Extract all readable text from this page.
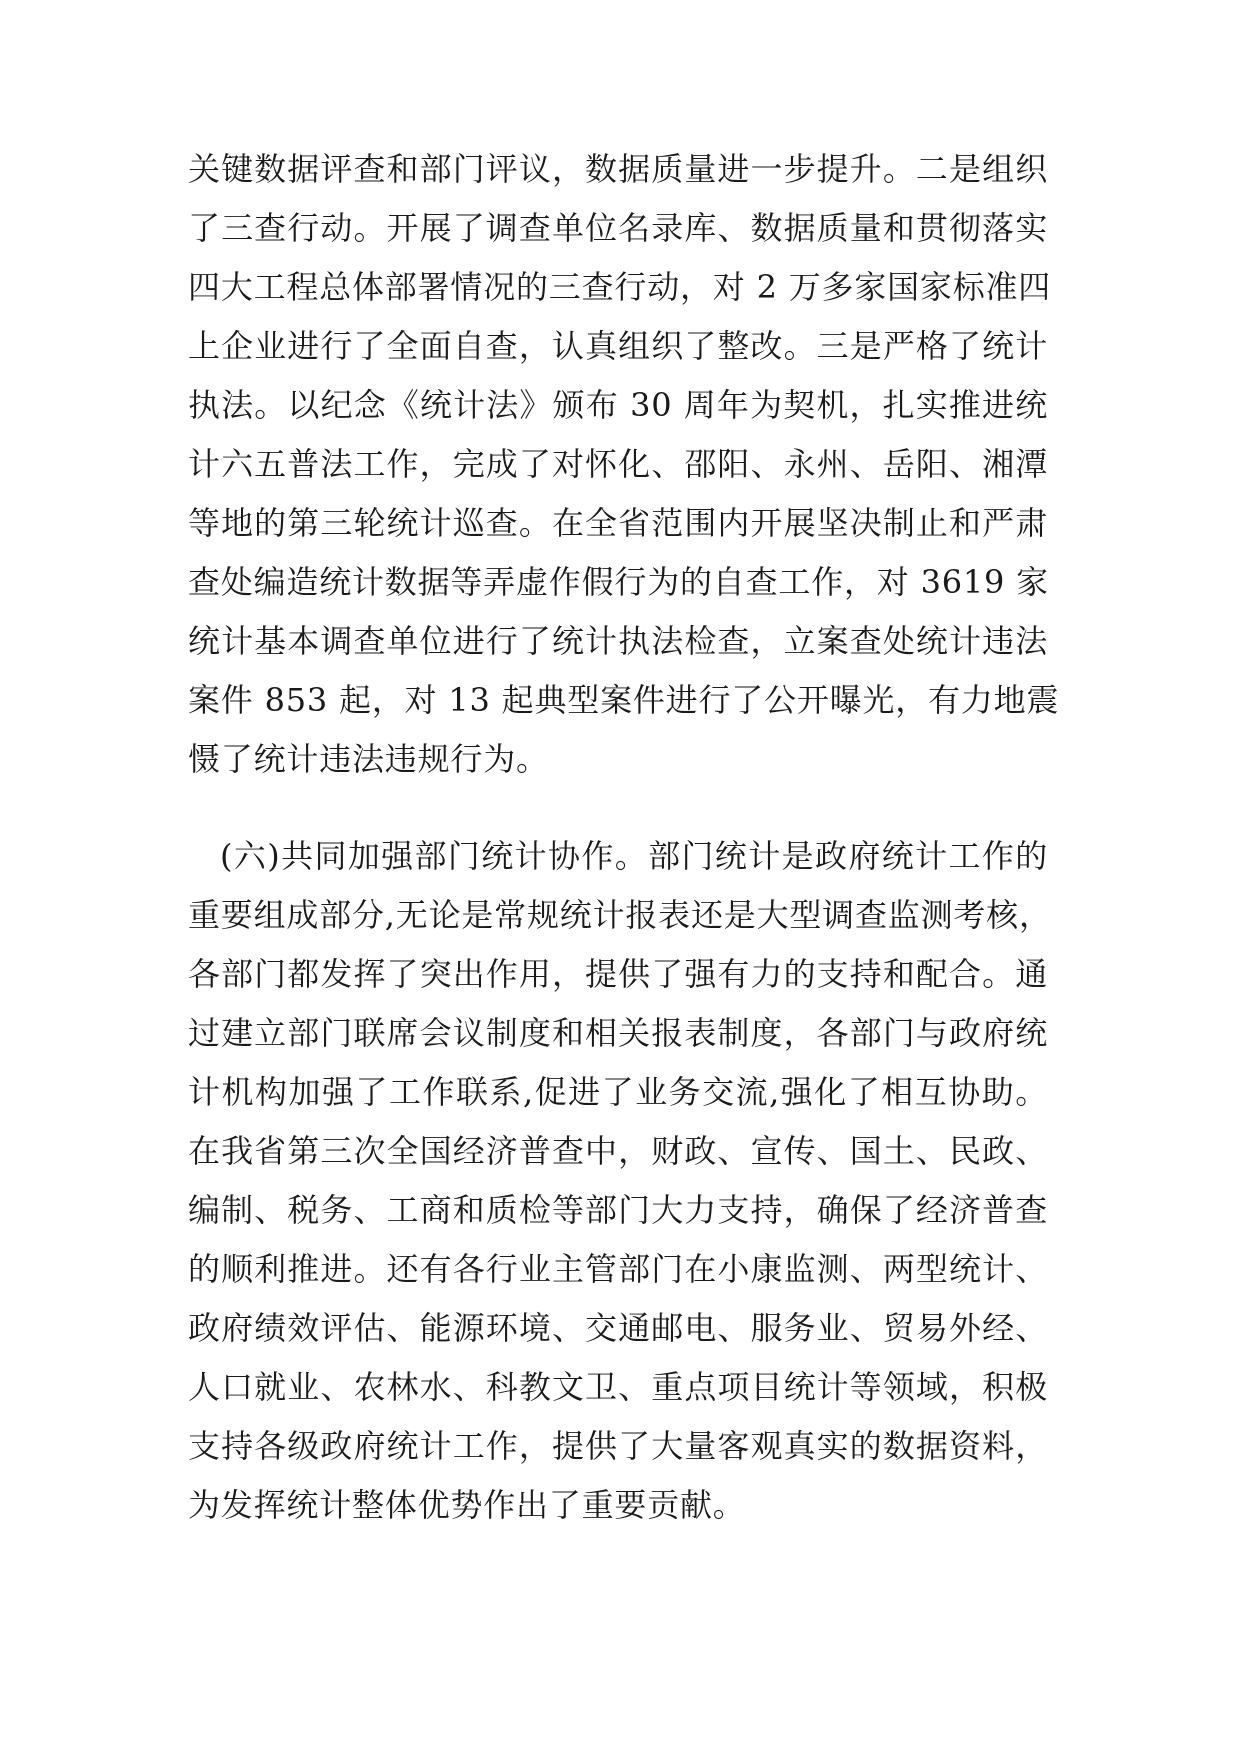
关键数据评查和部门评议，数据质量进一步提升。二是组织
了三查行动。开展了调查单位名录库、数据质量和贯彻落实
四大工程总体部署情况的三查行动，对 2 万多家国家标准四
上企业进行了全面自查，认真组织了整改。三是严格了统计
执法。以纪念《统计法》颁布 30 周年为契机，扎实推进统
计六五普法工作，完成了对怀化、邵阳、永州、岳阳、湘潭
等地的第三轮统计巡查。在全省范围内开展坚决制止和严肃
查处编造统计数据等弄虚作假行为的自查工作，对 3619 家
统计基本调查单位进行了统计执法检查，立案查处统计违法
案件 853 起，对 13 起典型案件进行了公开曝光，有力地震
慑了统计违法违规行为。
(六)共同加强部门统计协作。部门统计是政府统计工作的
重要组成部分,无论是常规统计报表还是大型调查监测考核，
各部门都发挥了突出作用，提供了强有力的支持和配合。通
过建立部门联席会议制度和相关报表制度，各部门与政府统
计机构加强了工作联系,促进了业务交流,强化了相互协助。
在我省第三次全国经济普查中，财政、宣传、国土、民政、
编制、税务、工商和质检等部门大力支持，确保了经济普查
的顺利推进。还有各行业主管部门在小康监测、两型统计、
政府绩效评估、能源环境、交通邮电、服务业、贸易外经、
人口就业、农林水、科教文卫、重点项目统计等领域，积极
支持各级政府统计工作，提供了大量客观真实的数据资料，
为发挥统计整体优势作出了重要贡献。
